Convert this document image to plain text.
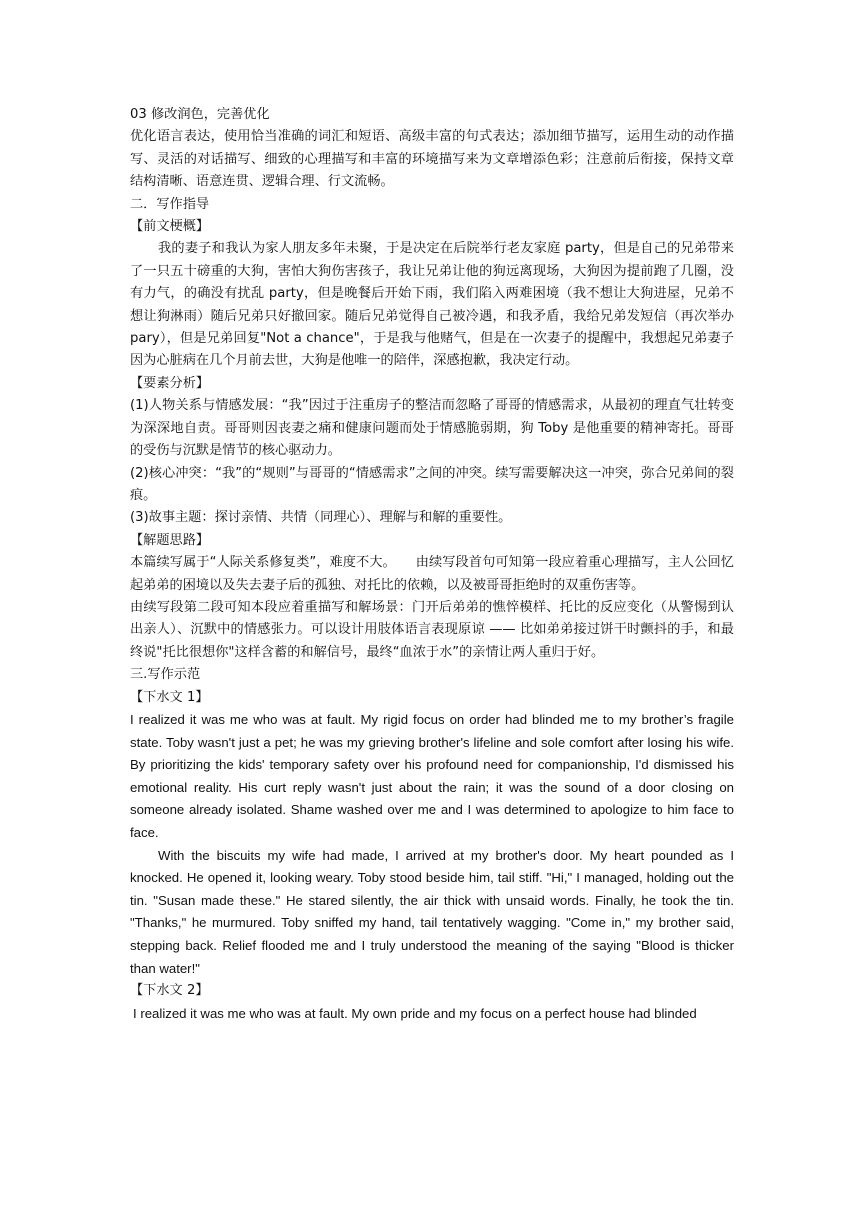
03 修改润色，完善优化

优化语言表达，使用恰当准确的词汇和短语、高级丰富的句式表达；添加细节描写，运用生动的动作描写、灵活的对话描写、细致的心理描写和丰富的环境描写来为文章增添色彩；注意前后衔接，保持文章结构清晰、语意连贯、逻辑合理、行文流畅。

二．写作指导

【前文梗概】

我的妻子和我认为家人朋友多年未聚，于是决定在后院举行老友家庭 party，但是自己的兄弟带来了一只五十磅重的大狗，害怕大狗伤害孩子，我让兄弟让他的狗远离现场，大狗因为提前跑了几圈，没有力气，的确没有扰乱 party，但是晚餐后开始下雨，我们陷入两难困境（我不想让大狗进屋，兄弟不想让狗淋雨）随后兄弟只好撤回家。随后兄弟觉得自己被冷遇，和我矛盾，我给兄弟发短信（再次举办 pary），但是兄弟回复"Not a chance"，于是我与他赌气，但是在一次妻子的提醒中，我想起兄弟妻子因为心脏病在几个月前去世，大狗是他唯一的陪伴，深感抱歉，我决定行动。

【要素分析】

(1)人物关系与情感发展：“我”因过于注重房子的整洁而忽略了哥哥的情感需求，从最初的理直气壮转变为深深地自责。哥哥则因丧妻之痛和健康问题而处于情感脆弱期，狗 Toby 是他重要的精神寄托。哥哥的受伤与沉默是情节的核心驱动力。

(2)核心冲突：“我”的“规则”与哥哥的“情感需求”之间的冲突。续写需要解决这一冲突，弥合兄弟间的裂痕。

(3)故事主题：探讨亲情、共情（同理心）、理解与和解的重要性。

【解题思路】

本篇续写属于“人际关系修复类”，难度不大。　　由续写段首句可知第一段应着重心理描写，主人公回忆起弟弟的困境以及失去妻子后的孤独、对托比的依赖，以及被哥哥拒绝时的双重伤害等。

由续写段第二段可知本段应着重描写和解场景：门开后弟弟的憔悴模样、托比的反应变化（从警惕到认出亲人）、沉默中的情感张力。可以设计用肢体语言表现原谅 —— 比如弟弟接过饼干时颤抖的手，和最终说"托比很想你"这样含蓄的和解信号，最终“血浓于水”的亲情让两人重归于好。

三.写作示范

【下水文 1】

I realized it was me who was at fault. My rigid focus on order had blinded me to my brother’s fragile state. Toby wasn't just a pet; he was my grieving brother's lifeline and sole comfort after losing his wife. By prioritizing the kids' temporary safety over his profound need for companionship, I'd dismissed his emotional reality. His curt reply wasn't just about the rain; it was the sound of a door closing on someone already isolated. Shame washed over me and I was determined to apologize to him face to face.

With the biscuits my wife had made, I arrived at my brother's door. My heart pounded as I knocked. He opened it, looking weary. Toby stood beside him, tail stiff. "Hi," I managed, holding out the tin. "Susan made these." He stared silently, the air thick with unsaid words. Finally, he took the tin. "Thanks," he murmured. Toby sniffed my hand, tail tentatively wagging. "Come in," my brother said, stepping back. Relief flooded me and I truly understood the meaning of the saying "Blood is thicker than water!"

【下水文 2】

I realized it was me who was at fault. My own pride and my focus on a perfect house had blinded
